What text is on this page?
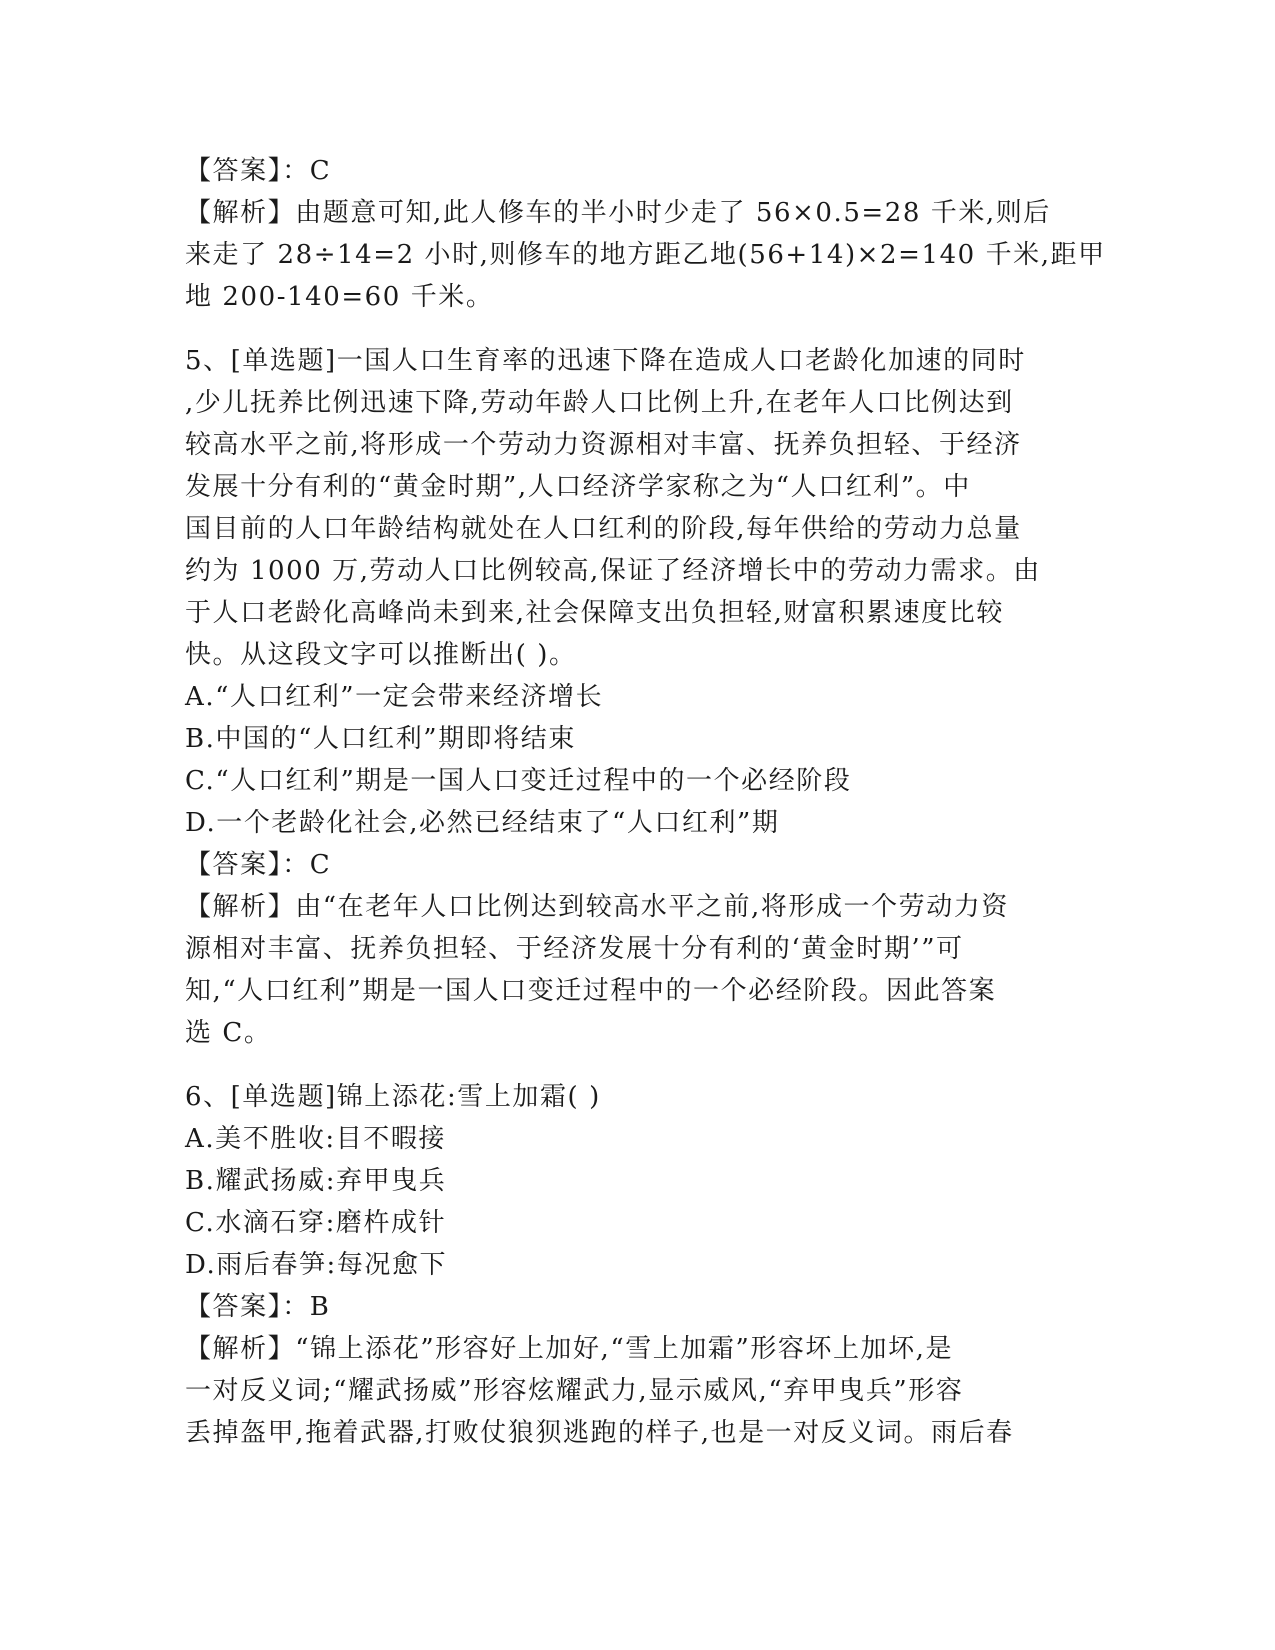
【答案】：C
【解析】由题意可知,此人修车的半小时少走了 56×0.5=28 千米,则后
来走了 28÷14=2 小时,则修车的地方距乙地(56+14)×2=140 千米,距甲
地 200-140=60 千米。
5、[单选题]一国人口生育率的迅速下降在造成人口老龄化加速的同时
,少儿抚养比例迅速下降,劳动年龄人口比例上升,在老年人口比例达到
较高水平之前,将形成一个劳动力资源相对丰富、抚养负担轻、于经济
发展十分有利的“黄金时期”,人口经济学家称之为“人口红利”。中
国目前的人口年龄结构就处在人口红利的阶段,每年供给的劳动力总量
约为 1000 万,劳动人口比例较高,保证了经济增长中的劳动力需求。由
于人口老龄化高峰尚未到来,社会保障支出负担轻,财富积累速度比较
快。从这段文字可以推断出( )。
A.“人口红利”一定会带来经济增长
B.中国的“人口红利”期即将结束
C.“人口红利”期是一国人口变迁过程中的一个必经阶段
D.一个老龄化社会,必然已经结束了“人口红利”期
【答案】：C
【解析】由“在老年人口比例达到较高水平之前,将形成一个劳动力资
源相对丰富、抚养负担轻、于经济发展十分有利的‘黄金时期’”可
知,“人口红利”期是一国人口变迁过程中的一个必经阶段。因此答案
选 C。
6、[单选题]锦上添花:雪上加霜( )
A.美不胜收:目不暇接
B.耀武扬威:弃甲曳兵
C.水滴石穿:磨杵成针
D.雨后春笋:每况愈下
【答案】：B
【解析】“锦上添花”形容好上加好,“雪上加霜”形容坏上加坏,是
一对反义词;“耀武扬威”形容炫耀武力,显示威风,“弃甲曳兵”形容
丢掉盔甲,拖着武器,打败仗狼狈逃跑的样子,也是一对反义词。雨后春
